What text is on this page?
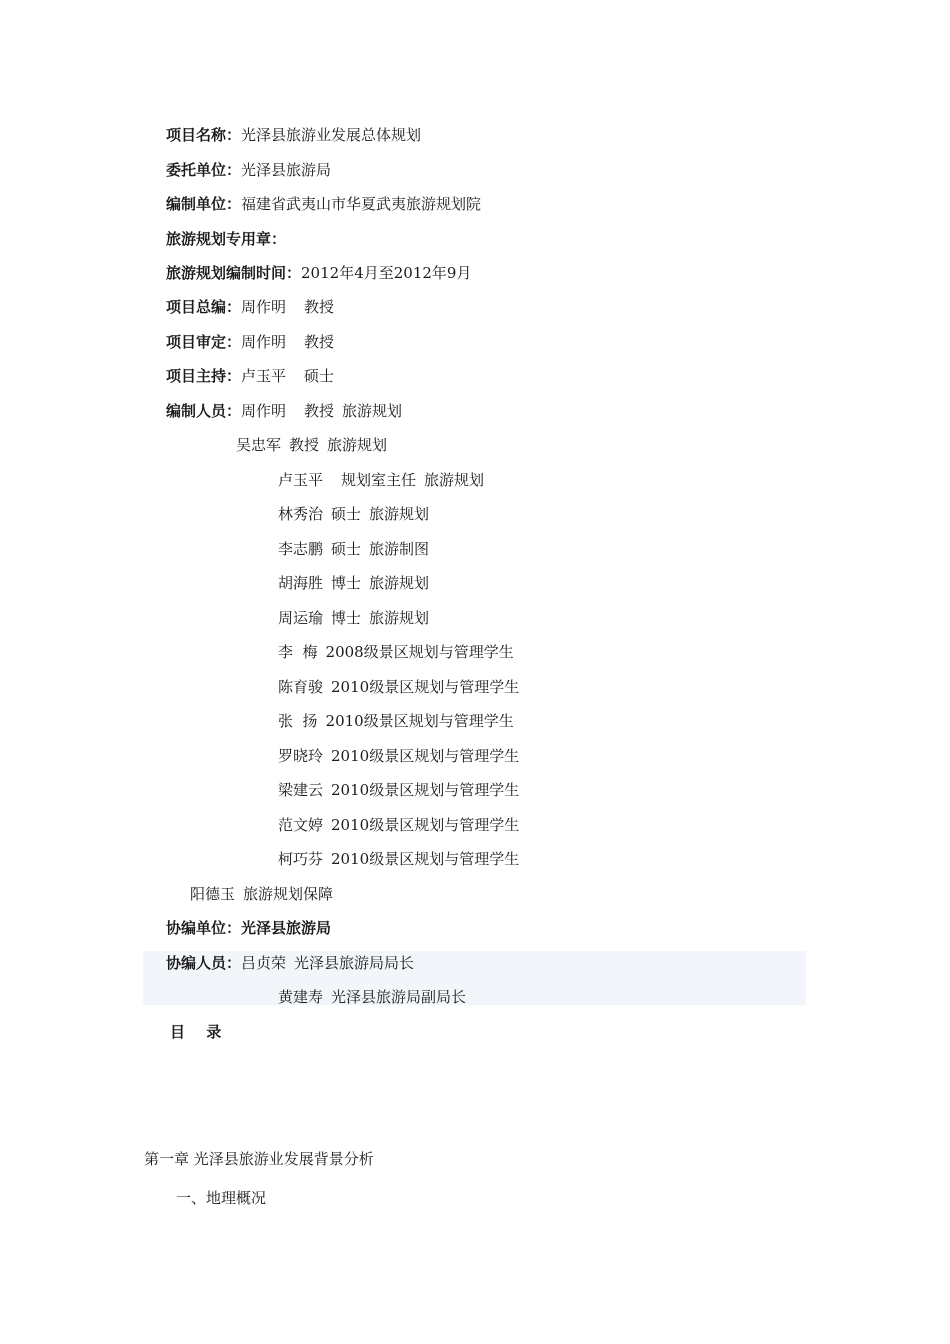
项目名称：光泽县旅游业发展总体规划
委托单位：光泽县旅游局
编制单位：福建省武夷山市华夏武夷旅游规划院
旅游规划专用章：
旅游规划编制时间：2012年4月至2012年9月
项目总编：周作明 教授
项目审定：周作明 教授
项目主持：卢玉平 硕士
编制人员：周作明 教授 旅游规划
吴忠军 教授 旅游规划
卢玉平 规划室主任 旅游规划
林秀治 硕士 旅游规划
李志鹏 硕士 旅游制图
胡海胜 博士 旅游规划
周运瑜 博士 旅游规划
李  梅 2008级景区规划与管理学生
陈育骏 2010级景区规划与管理学生
张  扬 2010级景区规划与管理学生
罗晓玲 2010级景区规划与管理学生
梁建云 2010级景区规划与管理学生
范文婷 2010级景区规划与管理学生
柯巧芬 2010级景区规划与管理学生
阳德玉 旅游规划保障
协编单位：光泽县旅游局
协编人员：吕贞荣 光泽县旅游局局长
黄建寿 光泽县旅游局副局长
目 录
第一章 光泽县旅游业发展背景分析
一、地理概况
